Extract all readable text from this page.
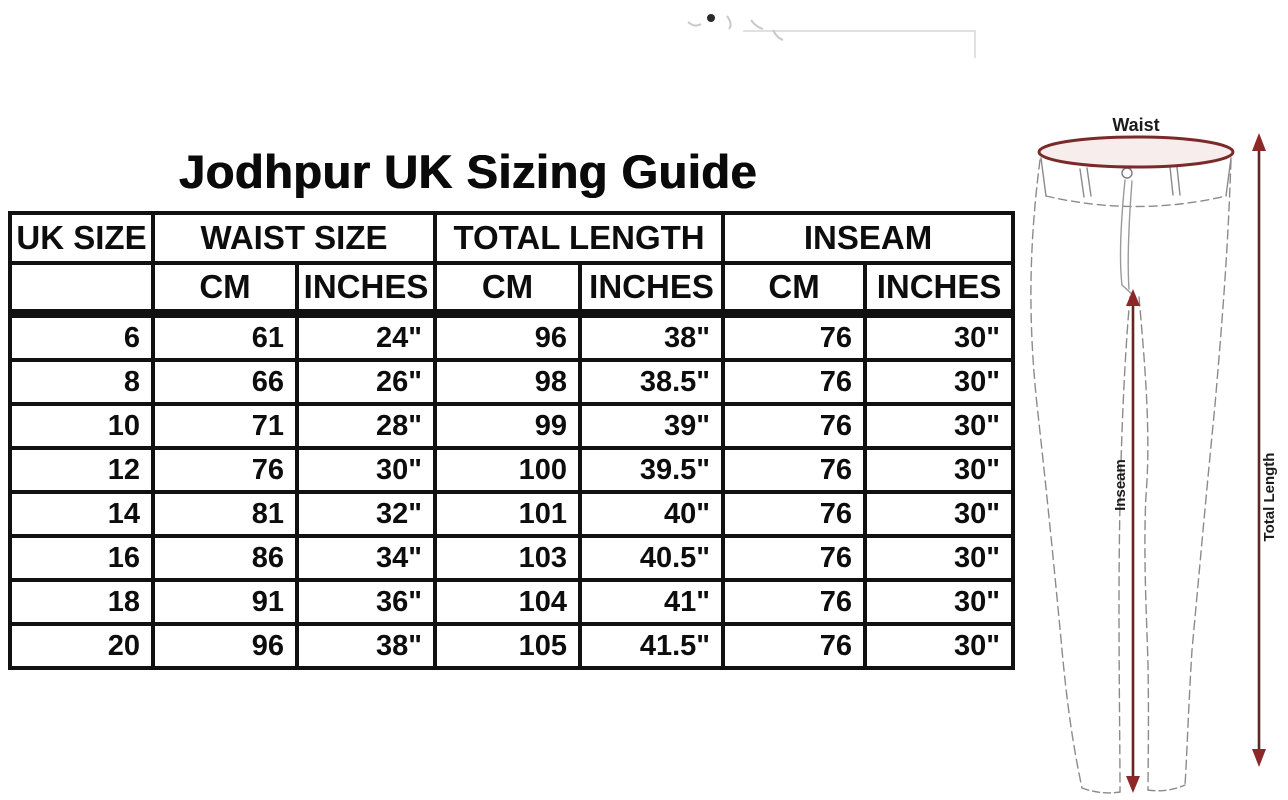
Jodhpur UK Sizing Guide
UK SIZE	WAIST SIZE		TOTAL LENGTH		INSEAM	
	CM	INCHES	CM	INCHES	CM	INCHES
6	61	24"	96	38"	76	30"
8	66	26"	98	38.5"	76	30"
10	71	28"	99	39"	76	30"
12	76	30"	100	39.5"	76	30"
14	81	32"	101	40"	76	30"
16	86	34"	103	40.5"	76	30"
18	91	36"	104	41"	76	30"
20	96	38"	105	41.5"	76	30"
Waist
Inseam	Total Length
